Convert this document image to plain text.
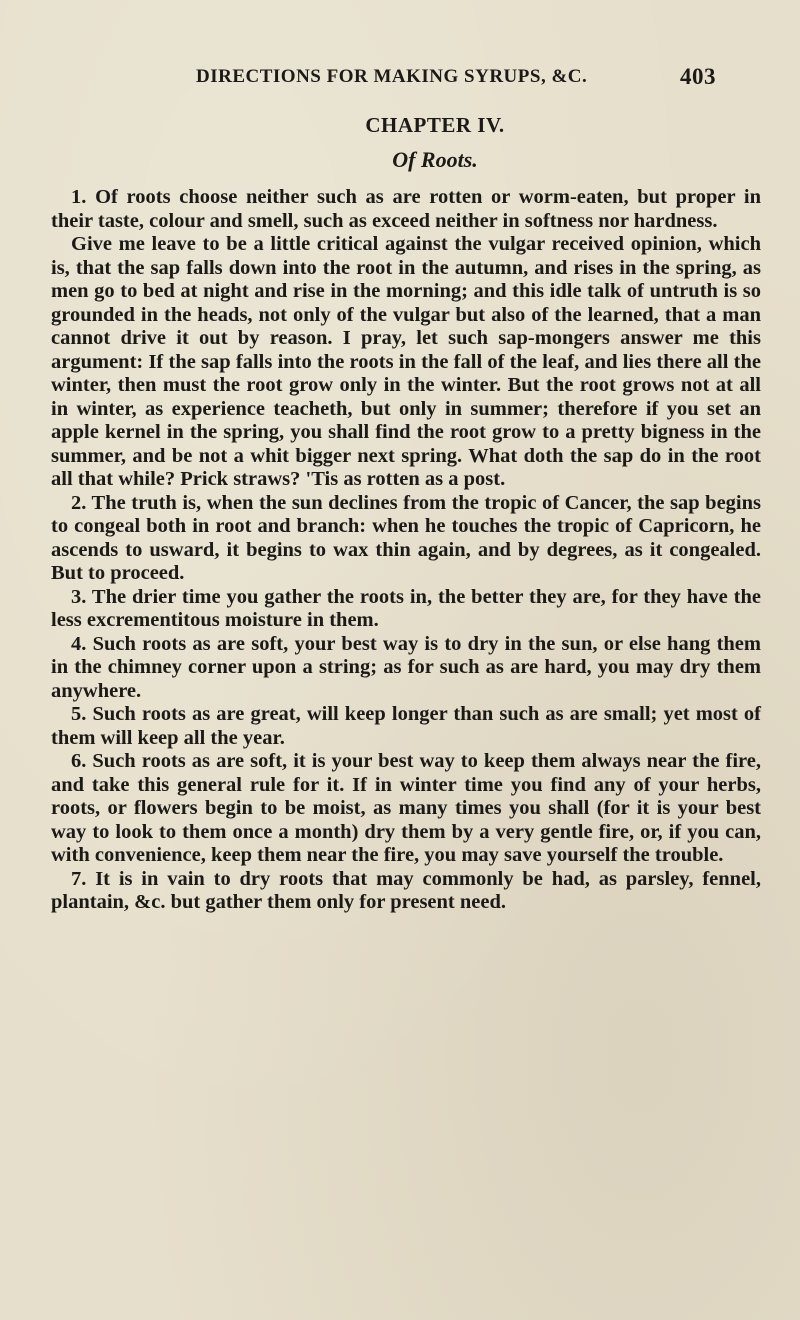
DIRECTIONS FOR MAKING SYRUPS, &C.	403
CHAPTER IV.
Of Roots.

1. Of roots choose neither such as are rotten or worm-eaten, but proper in their taste, colour and smell, such as exceed neither in softness nor hardness.

Give me leave to be a little critical against the vulgar received opinion, which is, that the sap falls down into the root in the autumn, and rises in the spring, as men go to bed at night and rise in the morning; and this idle talk of untruth is so grounded in the heads, not only of the vulgar but also of the learned, that a man cannot drive it out by reason. I pray, let such sap-mongers answer me this argument: If the sap falls into the roots in the fall of the leaf, and lies there all the winter, then must the root grow only in the winter. But the root grows not at all in winter, as experience teacheth, but only in summer; therefore if you set an apple kernel in the spring, you shall find the root grow to a pretty bigness in the summer, and be not a whit bigger next spring. What doth the sap do in the root all that while? Prick straws? 'Tis as rotten as a post.

2. The truth is, when the sun declines from the tropic of Cancer, the sap begins to congeal both in root and branch: when he touches the tropic of Capricorn, he ascends to usward, it begins to wax thin again, and by degrees, as it congealed. But to proceed.

3. The drier time you gather the roots in, the better they are, for they have the less excrementitous moisture in them.

4. Such roots as are soft, your best way is to dry in the sun, or else hang them in the chimney corner upon a string; as for such as are hard, you may dry them anywhere.

5. Such roots as are great, will keep longer than such as are small; yet most of them will keep all the year.

6. Such roots as are soft, it is your best way to keep them always near the fire, and take this general rule for it. If in winter time you find any of your herbs, roots, or flowers begin to be moist, as many times you shall (for it is your best way to look to them once a month) dry them by a very gentle fire, or, if you can, with convenience, keep them near the fire, you may save yourself the trouble.

7. It is in vain to dry roots that may commonly be had, as parsley, fennel, plantain, &c. but gather them only for present need.
